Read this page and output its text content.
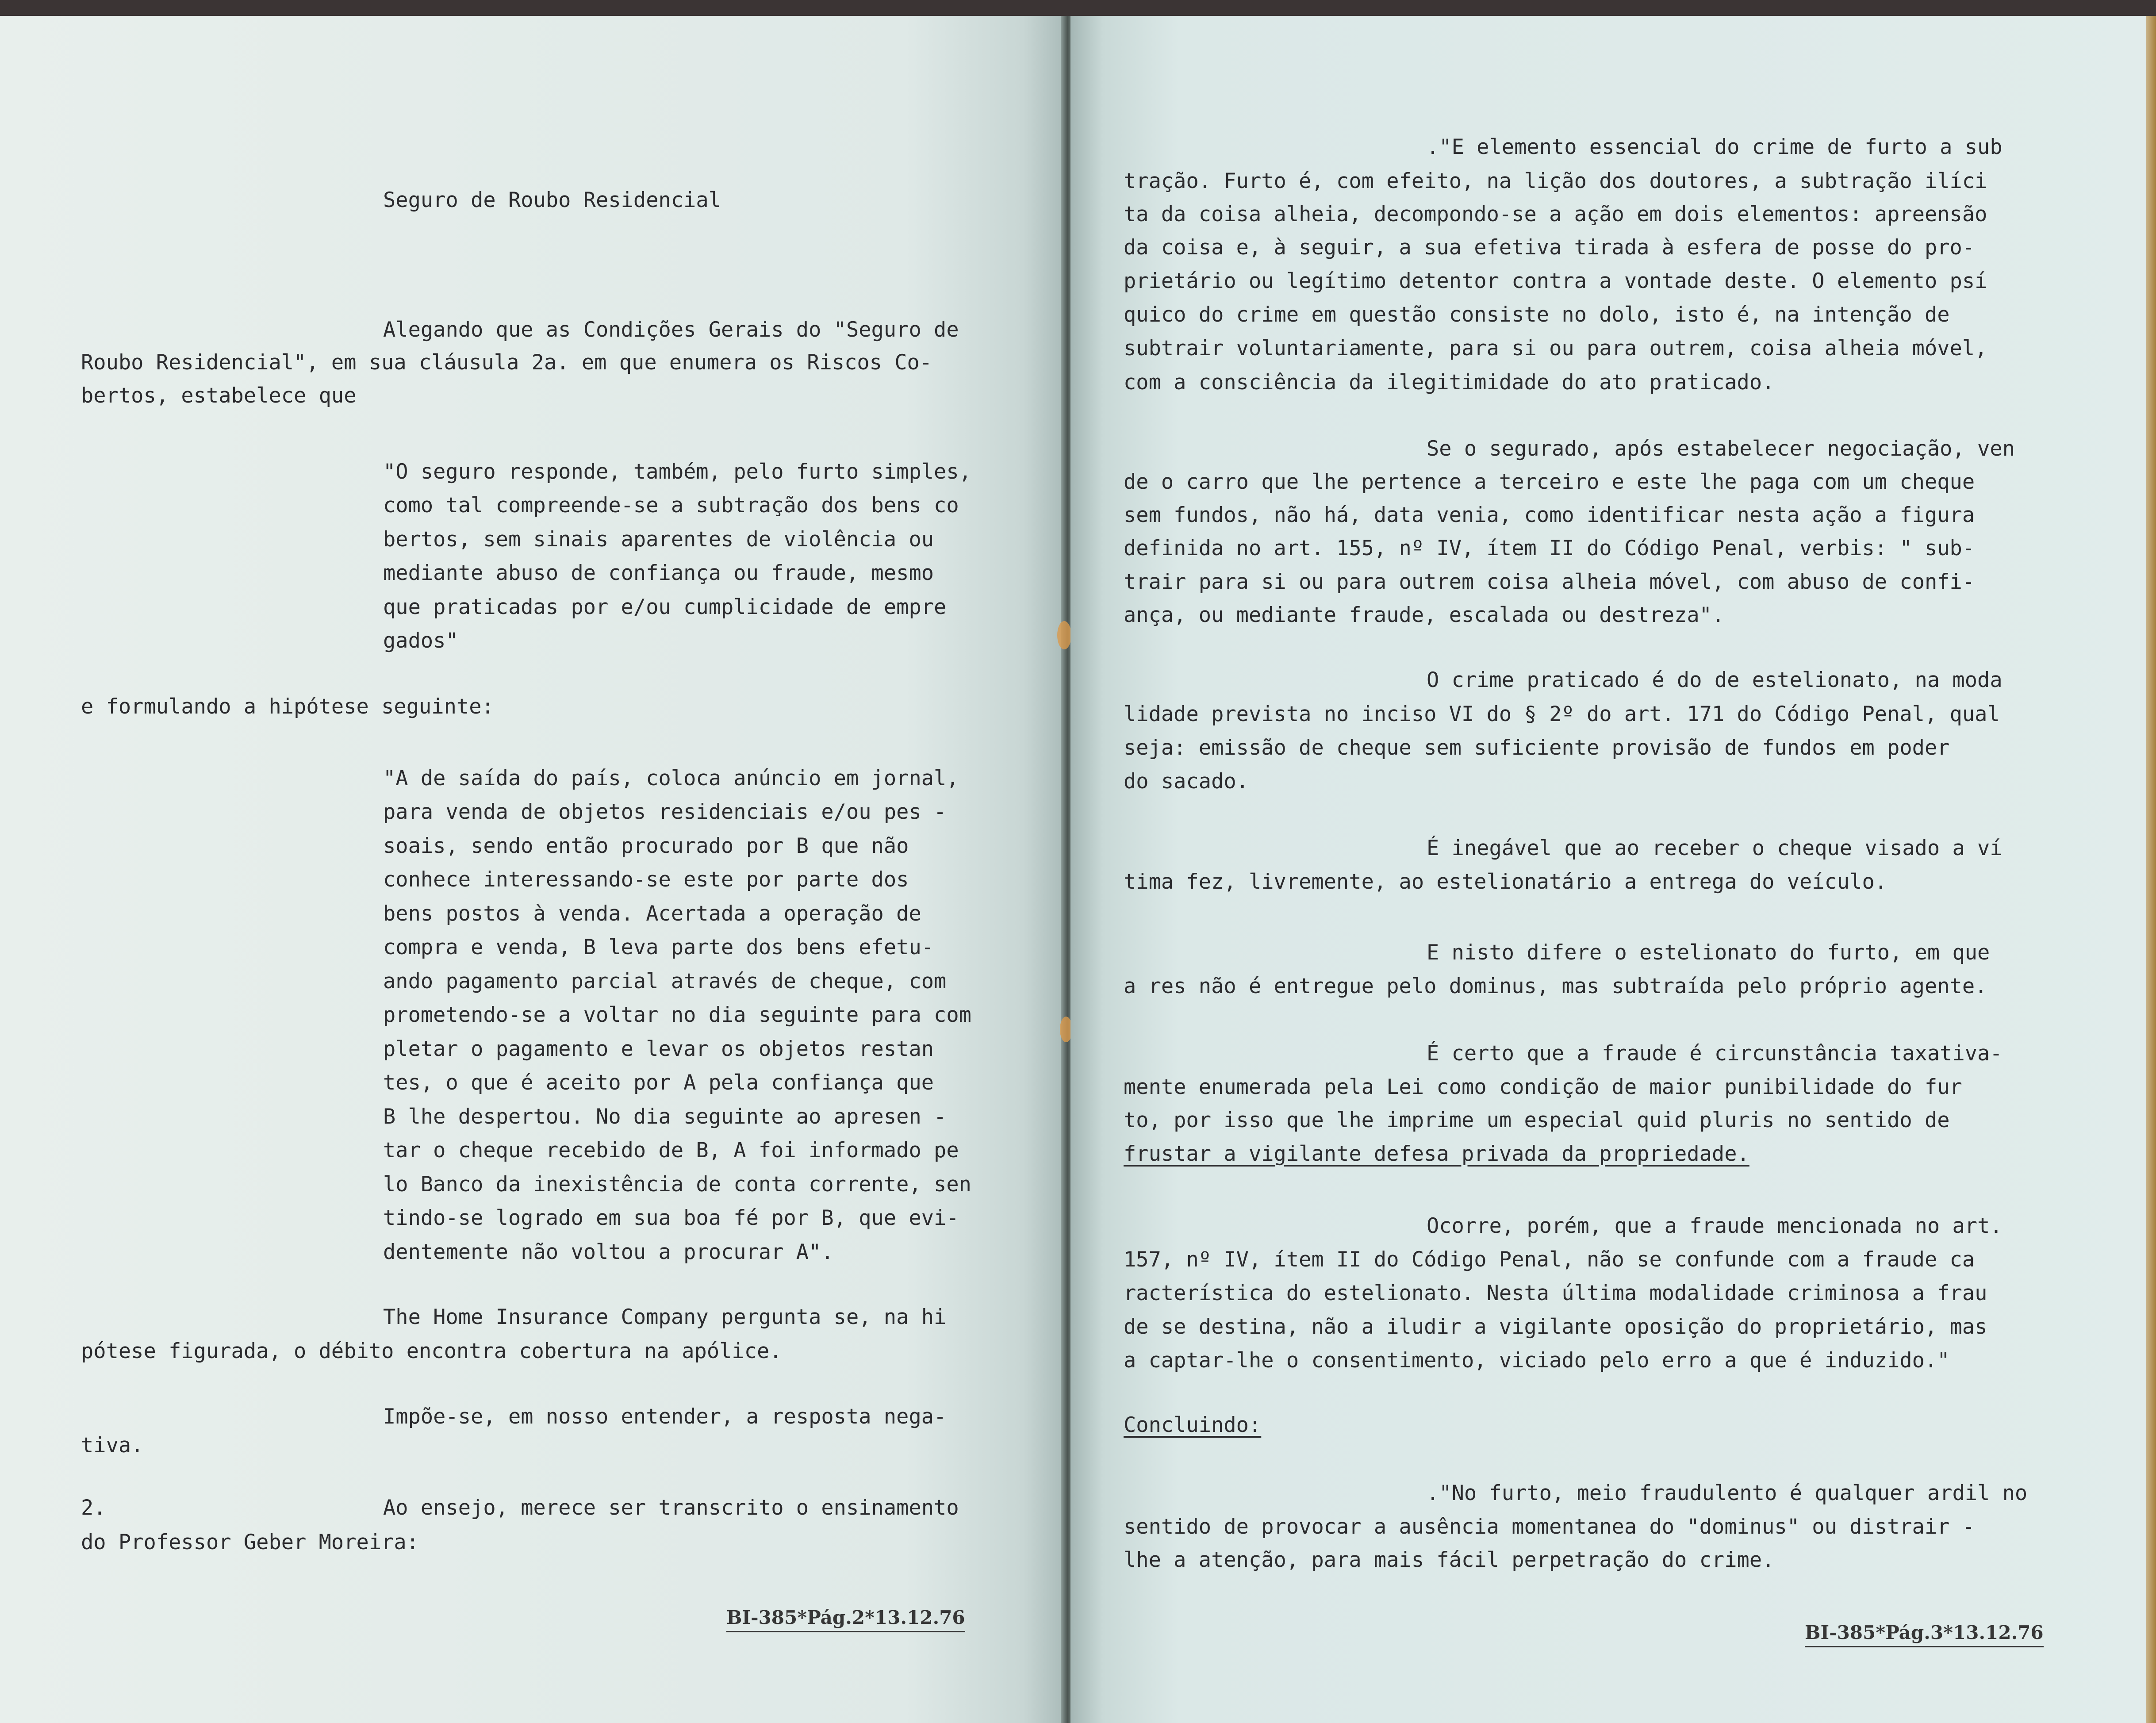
Seguro de Roubo Residencial
Alegando que as Condições Gerais do "Seguro de
Roubo Residencial", em sua cláusula 2a. em que enumera os Riscos Co-
bertos, estabelece que
"O seguro responde, também, pelo furto simples,
como tal compreende-se a subtração dos bens co
bertos, sem sinais aparentes de violência ou
mediante abuso de confiança ou fraude, mesmo
que praticadas por e/ou cumplicidade de empre
gados"
e formulando a hipótese seguinte:
"A de saída do país, coloca anúncio em jornal,
para venda de objetos residenciais e/ou pes -
soais, sendo então procurado por B que não
conhece interessando-se este por parte dos
bens postos à venda. Acertada a operação de
compra e venda, B leva parte dos bens efetu-
ando pagamento parcial através de cheque, com
prometendo-se a voltar no dia seguinte para com
pletar o pagamento e levar os objetos restan
tes, o que é aceito por A pela confiança que
B lhe despertou. No dia seguinte ao apresen -
tar o cheque recebido de B, A foi informado pe
lo Banco da inexistência de conta corrente, sen
tindo-se logrado em sua boa fé por B, que evi-
dentemente não voltou a procurar A".
The Home Insurance Company pergunta se, na hi
pótese figurada, o débito encontra cobertura na apólice.
Impõe-se, em nosso entender, a resposta nega-
tiva.
2.	Ao ensejo, merece ser transcrito o ensinamento
do Professor Geber Moreira:
BI-385*Pág.2*13.12.76
."E elemento essencial do crime de furto a sub
tração. Furto é, com efeito, na lição dos doutores, a subtração ilíci
ta da coisa alheia, decompondo-se a ação em dois elementos: apreensão
da coisa e, à seguir, a sua efetiva tirada à esfera de posse do pro-
prietário ou legítimo detentor contra a vontade deste. O elemento psí
quico do crime em questão consiste no dolo, isto é, na intenção de
subtrair voluntariamente, para si ou para outrem, coisa alheia móvel,
com a consciência da ilegitimidade do ato praticado.
Se o segurado, após estabelecer negociação, ven
de o carro que lhe pertence a terceiro e este lhe paga com um cheque
sem fundos, não há, data venia, como identificar nesta ação a figura
definida no art. 155, nº IV, ítem II do Código Penal, verbis: " sub-
trair para si ou para outrem coisa alheia móvel, com abuso de confi-
ança, ou mediante fraude, escalada ou destreza".
O crime praticado é do de estelionato, na moda
lidade prevista no inciso VI do § 2º do art. 171 do Código Penal, qual
seja: emissão de cheque sem suficiente provisão de fundos em poder
do sacado.
É inegável que ao receber o cheque visado a ví
tima fez, livremente, ao estelionatário a entrega do veículo.
E nisto difere o estelionato do furto, em que
a res não é entregue pelo dominus, mas subtraída pelo próprio agente.
É certo que a fraude é circunstância taxativa-
mente enumerada pela Lei como condição de maior punibilidade do fur
to, por isso que lhe imprime um especial quid pluris no sentido de
frustar a vigilante defesa privada da propriedade.
Ocorre, porém, que a fraude mencionada no art.
157, nº IV, ítem II do Código Penal, não se confunde com a fraude ca
racterística do estelionato. Nesta última modalidade criminosa a frau
de se destina, não a iludir a vigilante oposição do proprietário, mas
a captar-lhe o consentimento, viciado pelo erro a que é induzido."
Concluindo:
."No furto, meio fraudulento é qualquer ardil no
sentido de provocar a ausência momentanea do "dominus" ou distrair -
lhe a atenção, para mais fácil perpetração do crime.
BI-385*Pág.3*13.12.76
